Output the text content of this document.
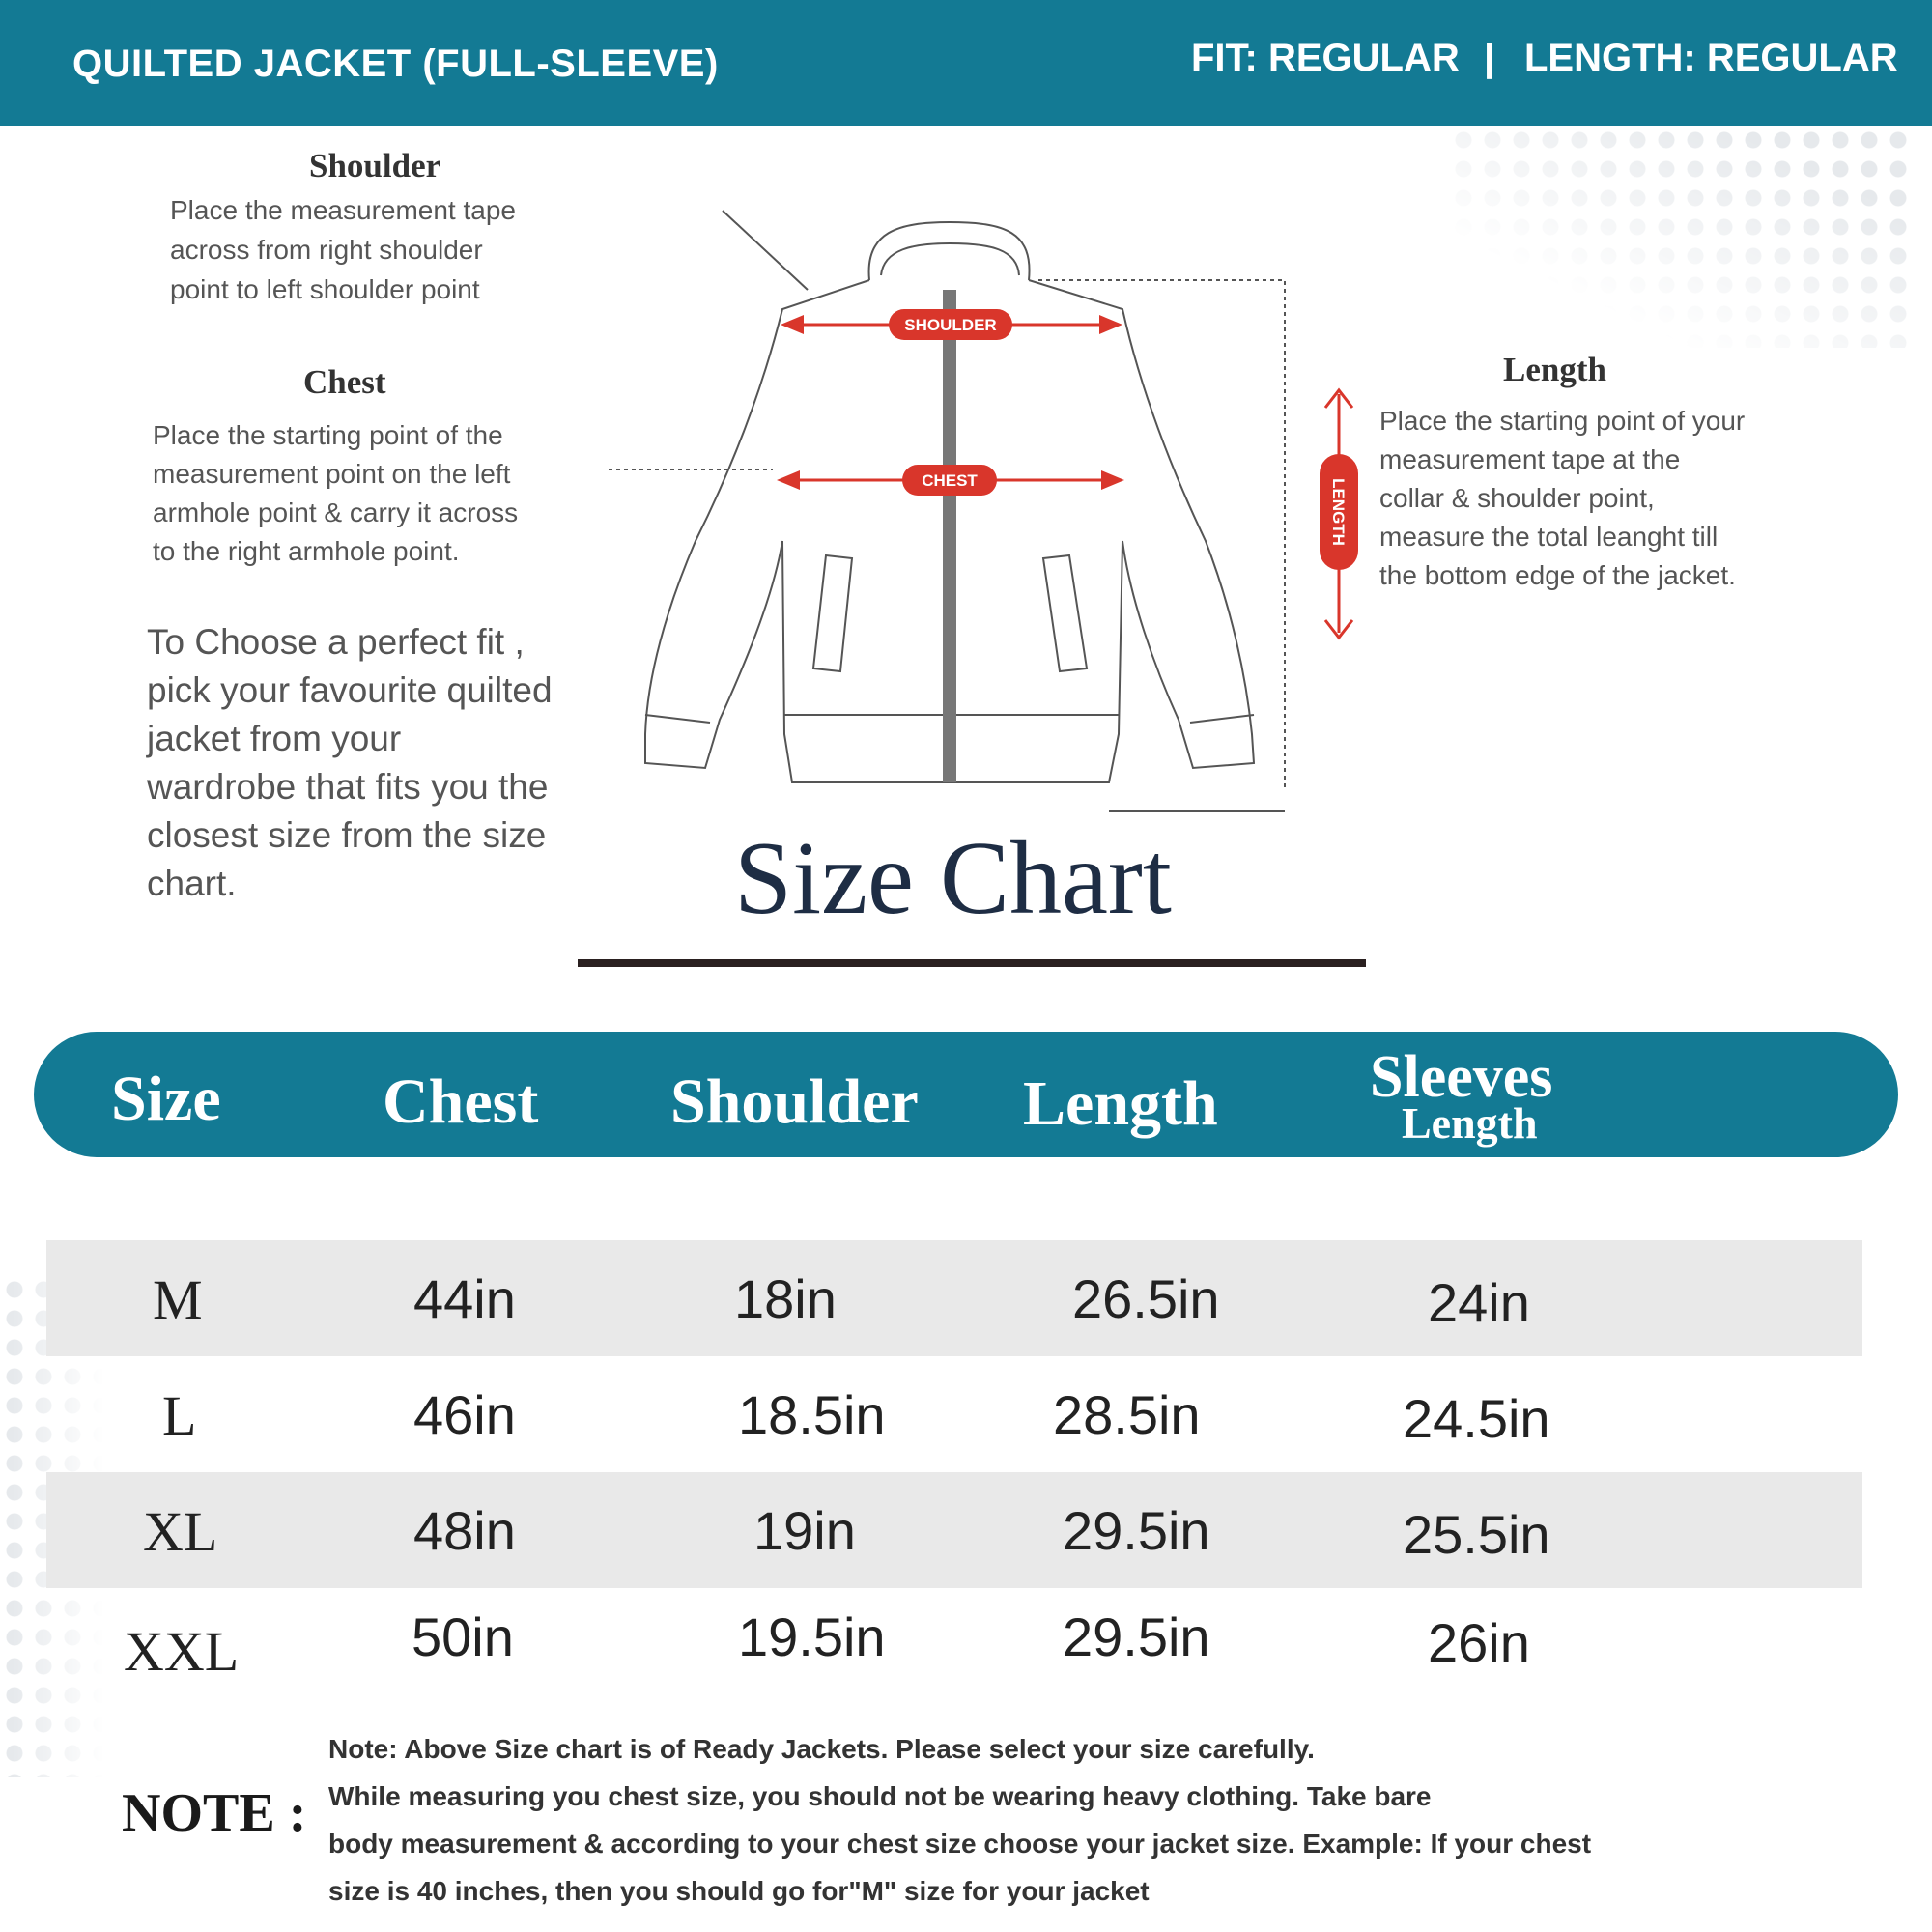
QUILTED JACKET (FULL-SLEEVE)	FIT: REGULAR | LENGTH: REGULAR
Shoulder
Place the measurement tape
across from right shoulder
point to left shoulder point
Chest
Place the starting point of the
measurement point on the left
armhole point & carry it across
to the right armhole point.
Length
Place the starting point of your
measurement tape at the
collar & shoulder point,
measure the total leanght till
the bottom edge of the jacket.
To Choose a perfect fit ,
pick your favourite quilted
jacket from your
wardrobe that fits you the
closest size from the size
chart.
SHOULDER
CHEST	LENGTH
Size Chart
Size	Chest Shoulder Length	Sleeves
Length
M	44in	18in	26.5in	24in
L	46in	18.5in	28.5in	24.5in
XL	48in	19in	29.5in	25.5in
XXL	50in	19.5in	29.5in	26in
NOTE :
Note: Above Size chart is of Ready Jackets. Please select your size carefully.
While measuring you chest size, you should not be wearing heavy clothing. Take bare
body measurement & according to your chest size choose your jacket size. Example: If your chest
size is 40 inches, then you should go for"M" size for your jacket
